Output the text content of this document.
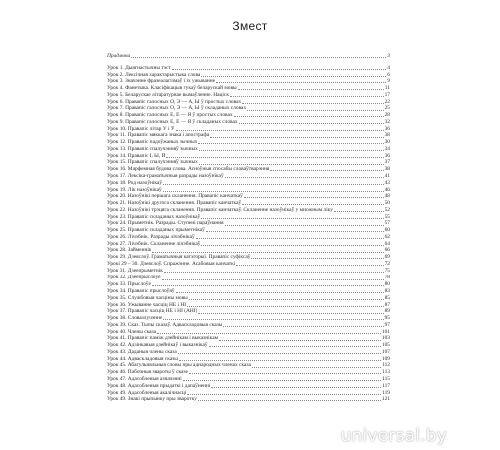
Змест
Прадмова	3
Урок 1. Дыягнастычны тэст	4
Урок 2. Лексічная характарыстыка слова	6
Урок 3. Значэнне фразеалагізмаў і іх ужыванне	9
Урок 4. Фанетыка. Класіфікацыя гукаў беларускай мовы	11
Урок 5. Беларускае літаратурнае вымаўленне. Націск	17
Урок 6. Правапіс галосных О, Э — А, Ы ў простых словах	22
Урок 7. Правапіс галосных О, Э — А, Ы ў складаных словах	25
Урок 8. Правапіс галосных Е, Ё — Я ў простых словах	28
Урок 9. Правапіс галосных Е, Ё — Я ў складаных словах	32
Урок 10. Правапіс літар У і Ў	36
Урок 11. Правапіс мяккага знака і апострафа	38
Урок 12. Правапіс падоўжаных зычных	30
Урок 13. Правапіс спалучэнняў зычных	34
Урок 14. Правапіс І, Ы, Й	36
Урок 15. Правапіс спалучэнняў зычных	37
Урок 16. Марфемная будова слова. Асноўныя спосабы словаўтварэння	38
Урок 17. Лексіка-граматычныя разрады назоўнікаў	41
Урок 18. Род назоўнікаў	43
Урок 19. Лік назоўнікаў	46
Урок 20. Назоўнікі першага скланення. Правапіс канчаткаў	48
Урок 21. Назоўнікі другога скланення. Правапіс канчаткаў	50
Урок 22. Назоўнікі трэцяга скланення. Правапіс канчаткаў. Скланенне назоўнікаў у множным ліку	52
Урок 23. Правапіс складаных назоўнікаў	55
Урок 24. Прыметнік. Разрады. Ступені параўнання	57
Урок 25. Правапіс складаных прыметнікаў	60
Урок 26. Лічэбнік. Разрады лічэбнікаў	62
Урок 27. Лічэбнік. Скланенне лічэбнікаў	64
Урок 28. Займеннік	66
Урок 29. Дзеяслоў. Граматычныя катэгорыі. Правапіс суфіксаў	69
Урокі 29 – 30. Дзеяслоў. Спражэнне. Асабовыя канчаткі	72
Урок 31. Дзеепрыметнік	75
Урок 32. Дзеепрыслоўе	78
Урок 33. Прыслоўе	80
Урок 34. Правапіс прыслоўяў	83
Урок 35. Службовыя часціны мовы	85
Урок 36. Ужыванне часціц НЕ і НІ	87
Урок 37. Правапіс часціц НЕ і НІ (АНІ)	89
Урок 38. Словазлучэнне	95
Урок 39. Сказ. Тыпы сказаў. Адваскладовыя сказы	97
Урок 40. Члены сказа	101
Урок 41. Правапіс паміж дзейнікам і выказнікам	103
Урок 42. Адзінкавыя дзейнікаў і выказнікаў	105
Урок 43. Даданыя члены сказа	107
Урок 44. Адваскладовыя сказы	109
Урок 45. Абагульняльныя словы пры аднародных членах сказа	112
Урок 46. Пабочныя звароты ў сказе	113
Урок 47. Адасобленыя азначэнні	115
Урок 48. Адасобленыя прыдаткі і дапаўненні	117
Урок 49. Адасобленыя акалічнасці	119
Урок 49. Знакі прыпынку пры зваротку	121
universal.by
